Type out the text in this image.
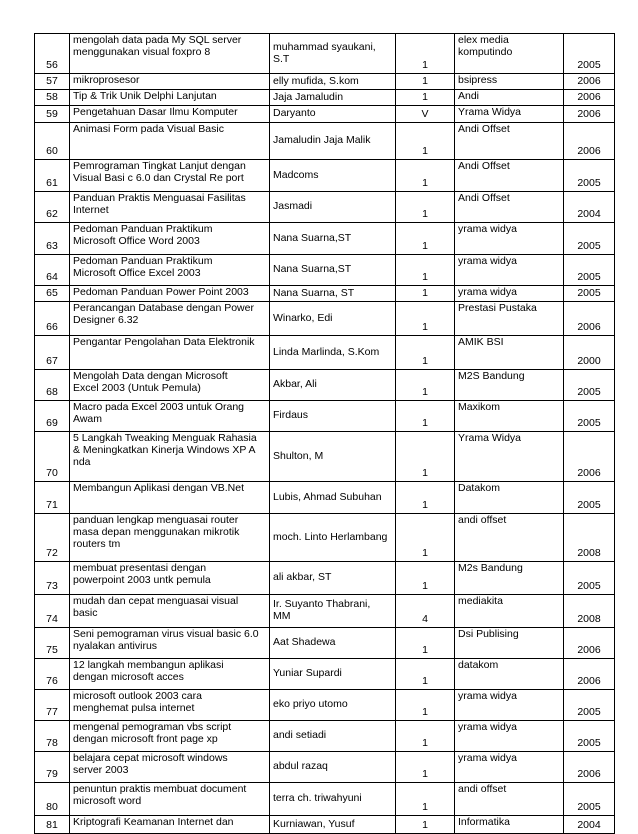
56	mengolah data pada My SQL server
menggunakan visual foxpro 8	muhammad syaukani,
S.T	1	elex media
komputindo	2005
57	mikroprosesor	elly mufida, S.kom	1	bsipress	2006
58	Tip & Trik Unik Delphi Lanjutan	Jaja Jamaludin	1	Andi	2006
59	Pengetahuan Dasar Ilmu Komputer	Daryanto	V	Yrama Widya	2006
60	Animasi Form pada Visual Basic	Jamaludin Jaja Malik	1	Andi Offset	2006
61	Pemrograman Tingkat Lanjut dengan
Visual Basi c 6.0 dan Crystal Re port	Madcoms	1	Andi Offset	2005
62	Panduan Praktis Menguasai Fasilitas
Internet	Jasmadi	1	Andi Offset	2004
63	Pedoman Panduan Praktikum
Microsoft Office Word 2003	Nana Suarna,ST	1	yrama widya	2005
64	Pedoman Panduan Praktikum
Microsoft Office Excel 2003	Nana Suarna,ST	1	yrama widya	2005
65	Pedoman Panduan Power Point 2003	Nana Suarna, ST	1	yrama widya	2005
66	Perancangan Database dengan Power
Designer 6.32	Winarko, Edi	1	Prestasi Pustaka	2006
67	Pengantar Pengolahan Data Elektronik	Linda Marlinda, S.Kom	1	AMIK BSI	2000
68	Mengolah Data dengan Microsoft
Excel 2003 (Untuk Pemula)	Akbar, Ali	1	M2S Bandung	2005
69	Macro pada Excel 2003 untuk Orang
Awam	Firdaus	1	Maxikom	2005
70	5 Langkah Tweaking Menguak Rahasia
& Meningkatkan Kinerja Windows XP A
nda	Shulton, M	1	Yrama Widya	2006
71	Membangun Aplikasi dengan VB.Net	Lubis, Ahmad Subuhan	1	Datakom	2005
72	panduan lengkap menguasai router
masa depan menggunakan mikrotik
routers tm	moch. Linto Herlambang	1	andi offset	2008
73	membuat presentasi dengan
powerpoint 2003 untk pemula	ali akbar, ST	1	M2s Bandung	2005
74	mudah dan cepat menguasai visual
basic	Ir. Suyanto Thabrani,
MM	4	mediakita	2008
75	Seni pemograman virus visual basic 6.0
nyalakan antivirus	Aat Shadewa	1	Dsi Publising	2006
76	12 langkah membangun aplikasi
dengan microsoft acces	Yuniar Supardi	1	datakom	2006
77	microsoft outlook 2003 cara
menghemat pulsa internet	eko priyo utomo	1	yrama widya	2005
78	mengenal pemograman vbs script
dengan microsoft front page xp	andi setiadi	1	yrama widya	2005
79	belajara cepat microsoft windows
server 2003	abdul razaq	1	yrama widya	2006
80	penuntun praktis membuat document
microsoft word	terra ch. triwahyuni	1	andi offset	2005
81	Kriptografi Keamanan Internet dan	Kurniawan, Yusuf	1	Informatika	2004
